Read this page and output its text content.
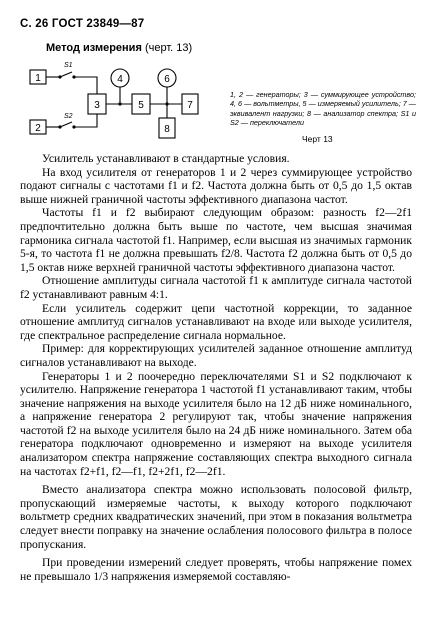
С. 26 ГОСТ 23849—87
Метод измерения (черт. 13)
1
2
3
4
5
6
7
8
S1
S2
1, 2 — генераторы; 3 — суммирующее устройство; 4, 6 — вольтметры, 5 — измеряемый усилитель; 7 — эквивалент нагрузки; 8 — анализатор спектра; S1 и S2 — переключатели
Черт 13

Усилитель устанавливают в стандартные условия.

На вход усилителя от генераторов 1 и 2 через суммирующее устройство подают сигналы с частотами f1 и f2. Частота должна быть от 0,5 до 1,5 октав выше нижней граничной частоты эффективного диапазона частот.

Частоты f1 и f2 выбирают следующим образом: разность f2—2f1 предпочтительно должна быть выше по частоте, чем высшая значимая гармоника сигнала частотой f1. Например, если высшая из значимых гармоник 5-я, то частота f1 не должна превышать f2/8. Частота f2 должна быть от 0,5 до 1,5 октав ниже верхней граничной частоты эффективного диапазона частот.

Отношение амплитуды сигнала частотой f1 к амплитуде сигнала частотой f2 устанавливают равным 4:1.

Если усилитель содержит цепи частотной коррекции, то заданное отношение амплитуд сигналов устанавливают на входе или выходе усилителя, где спектральное распределение сигнала нормальное.

Пример: для корректирующих усилителей заданное отношение амплитуд сигналов устанавливают на выходе.

Генераторы 1 и 2 поочередно переключателями S1 и S2 подключают к усилителю. Напряжение генератора 1 частотой f1 устанавливают таким, чтобы значение напряжения на выходе усилителя было на 12 дБ ниже номинального, а напряжение генератора 2 регулируют так, чтобы значение напряжения частотой f2 на выходе усилителя было на 24 дБ ниже номинального. Затем оба генератора подключают одновременно и измеряют на выходе усилителя анализатором спектра напряжение составляющих спектра выходного сигнала на частотах f2+f1, f2—f1, f2+2f1, f2—2f1.

Вместо анализатора спектра можно использовать полосовой фильтр, пропускающий измеряемые частоты, к выходу которого подключают вольтметр средних квадратических значений, при этом в показания вольтметра следует внести поправку на значение ослабления полосового фильтра в полосе пропускания.

При проведении измерений следует проверять, чтобы напряжение помех не превышало 1/3 напряжения измеряемой составляю-
